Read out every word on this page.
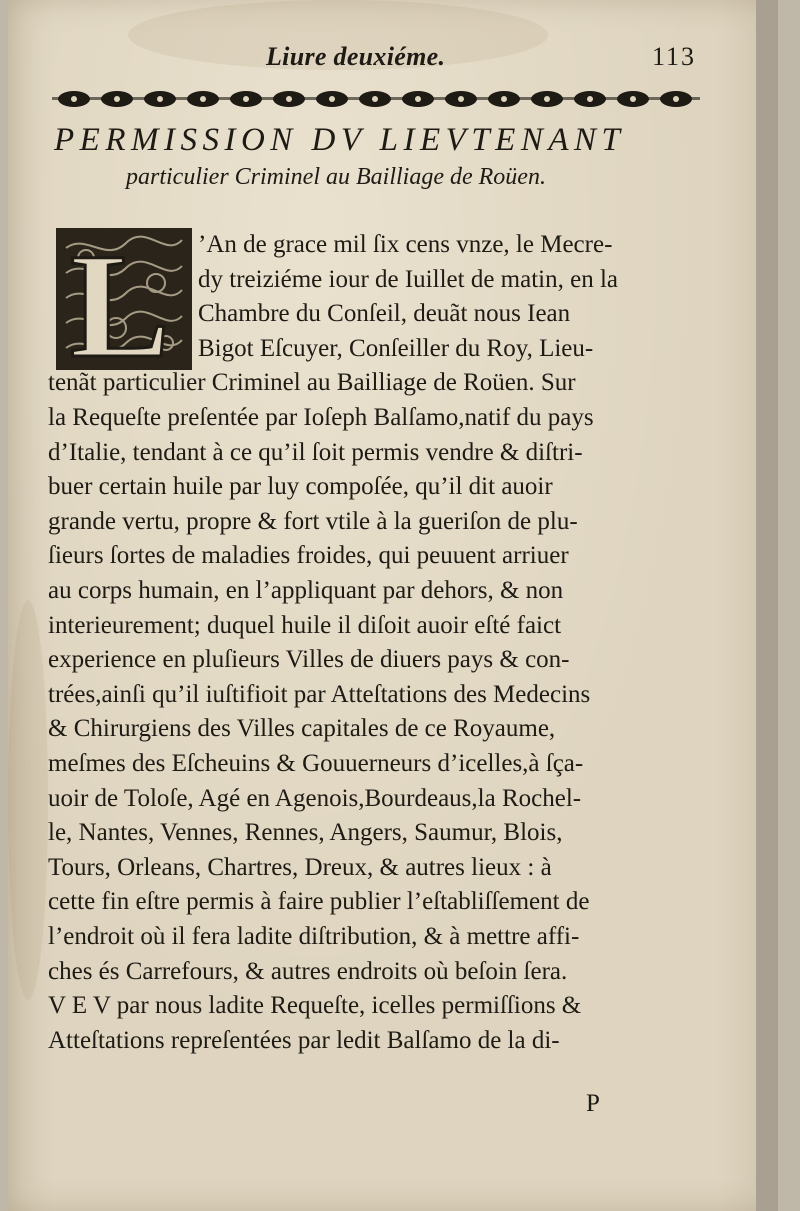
Liure deuxiéme.	113
PERMISSION DV LIEVTENANT
particulier Criminel au Bailliage de Roüen.
L ’An de grace mil ſix cens vnze, le Mecre-
dy treiziéme iour de Iuillet de matin, en la
Chambre du Conſeil, deuãt nous Iean
Bigot Eſcuyer, Conſeiller du Roy, Lieu-
tenãt particulier Criminel au Bailliage de Roüen. Sur
la Requeſte preſentée par Ioſeph Balſamo,natif du pays
d’Italie, tendant à ce qu’il ſoit permis vendre & diſtri-
buer certain huile par luy compoſée, qu’il dit auoir
grande vertu, propre & fort vtile à la gueriſon de plu-
ſieurs ſortes de maladies froides, qui peuuent arriuer
au corps humain, en l’appliquant par dehors, & non
interieurement; duquel huile il diſoit auoir eſté faict
experience en pluſieurs Villes de diuers pays & con-
trées,ainſi qu’il iuſtifioit par Atteſtations des Medecins
& Chirurgiens des Villes capitales de ce Royaume,
meſmes des Eſcheuins & Gouuerneurs d’icelles,à ſça-
uoir de Toloſe, Agé en Agenois,Bourdeaus,la Rochel-
le, Nantes, Vennes, Rennes, Angers, Saumur, Blois,
Tours, Orleans, Chartres, Dreux, & autres lieux : à
cette fin eſtre permis à faire publier l’eſtabliſſement de
l’endroit où il fera ladite diſtribution, & à mettre affi-
ches és Carrefours, & autres endroits où beſoin ſera.
V E V par nous ladite Requeſte, icelles permiſſions &
Atteſtations repreſentées par ledit Balſamo de la di-
P
